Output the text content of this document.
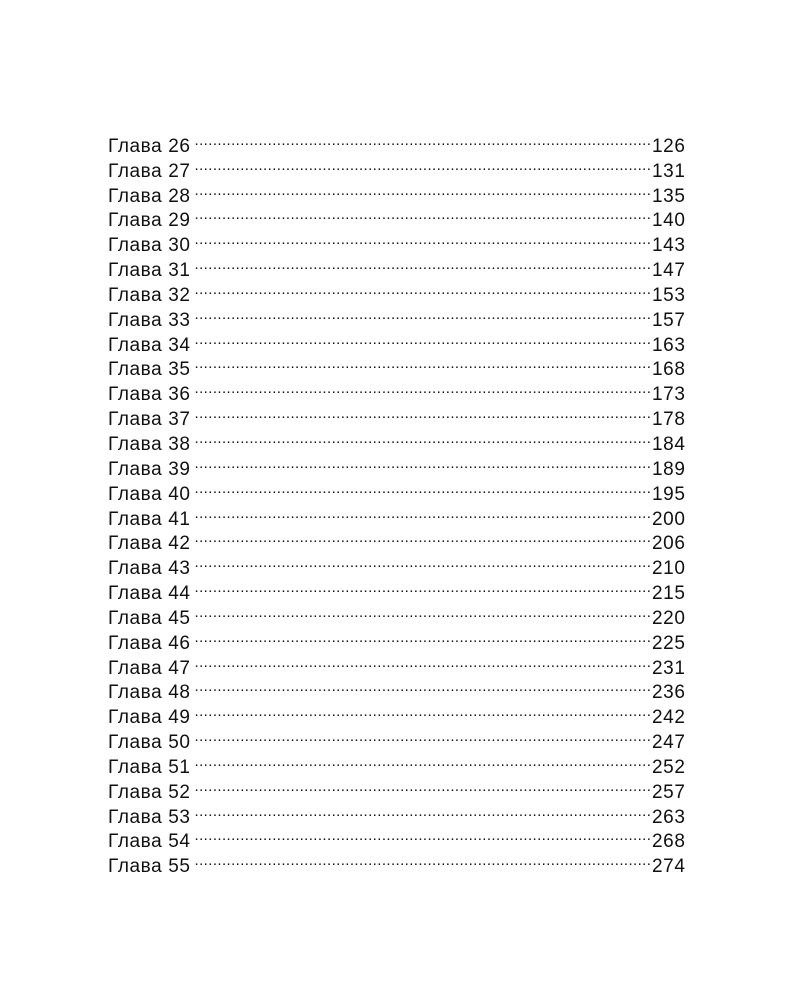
Глава 26 .....	126
Глава 27 .....	131
Глава 28 .....	135
Глава 29 .....	140
Глава 30 .....	143
Глава 31 .....	147
Глава 32 .....	153
Глава 33 .....	157
Глава 34 .....	163
Глава 35 .....	168
Глава 36 .....	173
Глава 37 .....	178
Глава 38 .....	184
Глава 39 .....	189
Глава 40 .....	195
Глава 41 .....	200
Глава 42 .....	206
Глава 43 .....	210
Глава 44 .....	215
Глава 45 .....	220
Глава 46 .....	225
Глава 47 .....	231
Глава 48 .....	236
Глава 49 .....	242
Глава 50 .....	247
Глава 51 .....	252
Глава 52 .....	257
Глава 53 .....	263
Глава 54 .....	268
Глава 55 .....	274
